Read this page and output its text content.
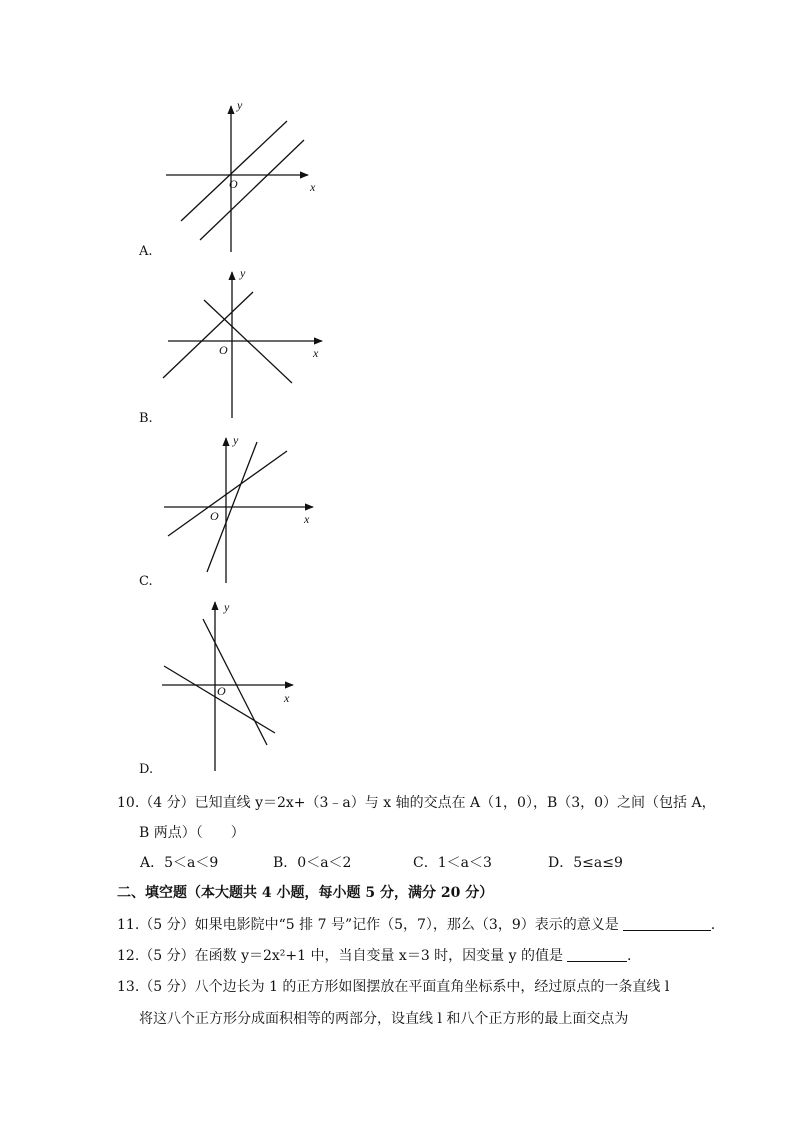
y
x
O
y
x
O
y
x
O
y
x
O
A.
B.
C.
D.
10.（4 分）已知直线 y＝2x+（3﹣a）与 x 轴的交点在 A（1，0），B（3，0）之间（包括 A，
B 两点）（　　）
A．5＜a＜9	B．0＜a＜2	C．1＜a＜3	D．5≤a≤9
二、填空题（本大题共 4 小题，每小题 5 分，满分 20 分）
11.（5 分）如果电影院中“5 排 7 号”记作（5，7），那么（3，9）表示的意义是	.
12.（5 分）在函数 y＝2x²+1 中，当自变量 x＝3 时，因变量 y 的值是	.
13.（5 分）八个边长为 1 的正方形如图摆放在平面直角坐标系中，经过原点的一条直线 l
将这八个正方形分成面积相等的两部分，设直线 l 和八个正方形的最上面交点为
